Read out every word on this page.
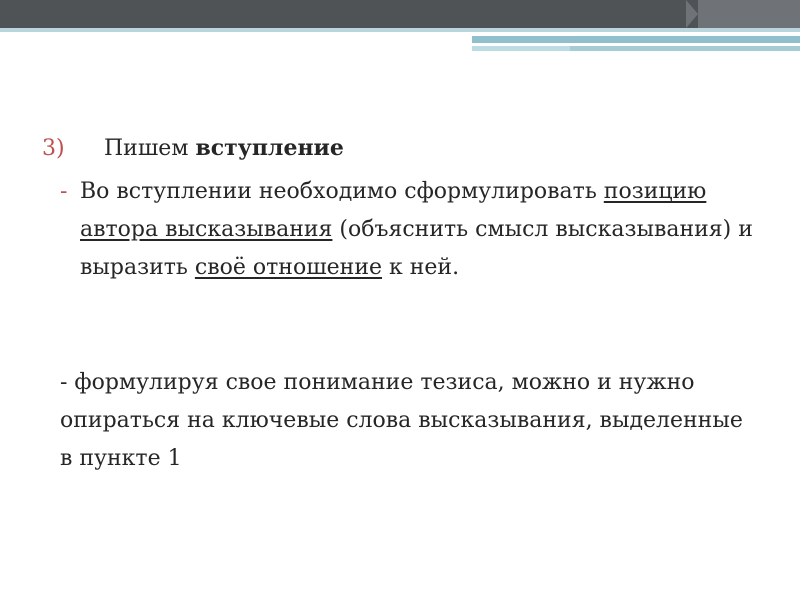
3) Пишем вступление
- Во вступлении необходимо сформулировать позицию автора высказывания (объяснить смысл высказывания) и выразить своё отношение к ней.
- формулируя свое понимание тезиса, можно и нужно опираться на ключевые слова высказывания, выделенные в пункте 1
